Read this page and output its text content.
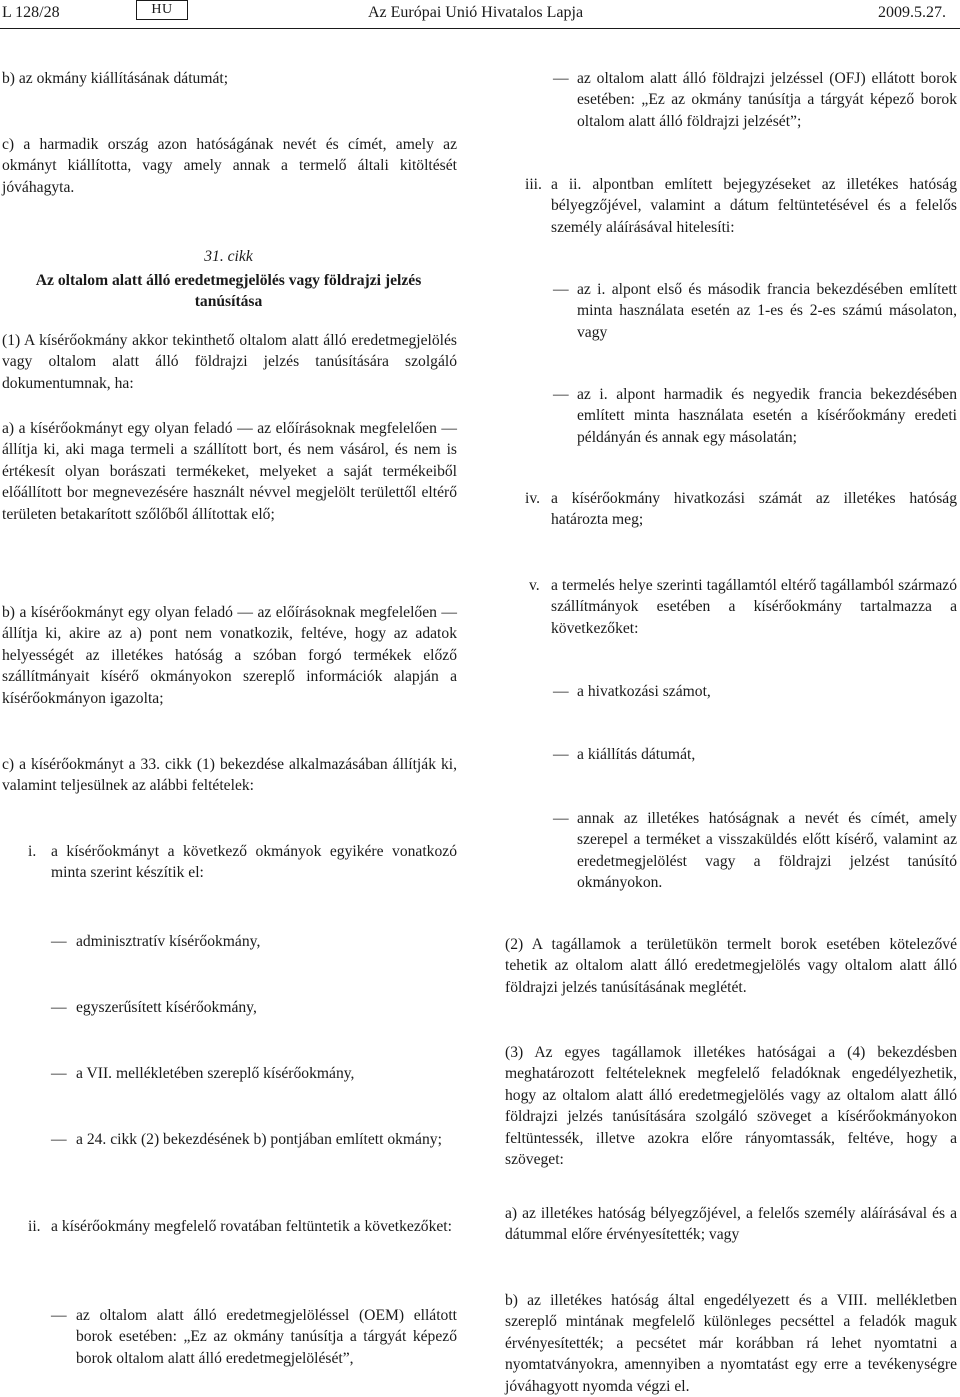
L 128/28	HU	Az Európai Unió Hivatalos Lapja	2009.5.27.
b) az okmány kiállításának dátumát;
c) a harmadik ország azon hatóságának nevét és címét, amely az okmányt kiállította, vagy amely annak a termelő általi kitöltését jóváhagyta.
31. cikk
Az oltalom alatt álló eredetmegjelölés vagy földrajzi jelzés tanúsítása
(1) A kísérőokmány akkor tekinthető oltalom alatt álló eredetmegjelölés vagy oltalom alatt álló földrajzi jelzés tanúsítására szolgáló dokumentumnak, ha:
a) a kísérőokmányt egy olyan feladó — az előírásoknak megfelelően — állítja ki, aki maga termeli a szállított bort, és nem vásárol, és nem is értékesít olyan borászati termékeket, melyeket a saját termékeiből előállított bor megnevezésére használt névvel megjelölt területtől eltérő területen betakarított szőlőből állítottak elő;
b) a kísérőokmányt egy olyan feladó — az előírásoknak megfelelően — állítja ki, akire az a) pont nem vonatkozik, feltéve, hogy az adatok helyességét az illetékes hatóság a szóban forgó termékek előző szállítmányait kísérő okmányokon szereplő információk alapján a kísérőokmányon igazolta;
c) a kísérőokmányt a 33. cikk (1) bekezdése alkalmazásában állítják ki, valamint teljesülnek az alábbi feltételek:
i. a kísérőokmányt a következő okmányok egyikére vonatkozó minta szerint készítik el:
— adminisztratív kísérőokmány,
— egyszerűsített kísérőokmány,
— a VII. mellékletében szereplő kísérőokmány,
— a 24. cikk (2) bekezdésének b) pontjában említett okmány;
ii. a kísérőokmány megfelelő rovatában feltüntetik a következőket:
— az oltalom alatt álló eredetmegjelöléssel (OEM) ellátott borok esetében: „Ez az okmány tanúsítja a tárgyát képező borok oltalom alatt álló eredetmegjelölését”,
— az oltalom alatt álló földrajzi jelzéssel (OFJ) ellátott borok esetében: „Ez az okmány tanúsítja a tárgyát képező borok oltalom alatt álló földrajzi jelzését”;
iii. a ii. alpontban említett bejegyzéseket az illetékes hatóság bélyegzőjével, valamint a dátum feltüntetésével és a felelős személy aláírásával hitelesíti:
— az i. alpont első és második francia bekezdésében említett minta használata esetén az 1-es és 2-es számú másolaton, vagy
— az i. alpont harmadik és negyedik francia bekezdésében említett minta használata esetén a kísérőokmány eredeti példányán és annak egy másolatán;
iv. a kísérőokmány hivatkozási számát az illetékes hatóság határozta meg;
v. a termelés helye szerinti tagállamtól eltérő tagállamból származó szállítmányok esetében a kísérőokmány tartalmazza a következőket:
— a hivatkozási számot,
— a kiállítás dátumát,
— annak az illetékes hatóságnak a nevét és címét, amely szerepel a terméket a visszaküldés előtt kísérő, valamint az eredetmegjelölést vagy a földrajzi jelzést tanúsító okmányokon.
(2) A tagállamok a területükön termelt borok esetében kötelezővé tehetik az oltalom alatt álló eredetmegjelölés vagy oltalom alatt álló földrajzi jelzés tanúsításának meglétét.
(3) Az egyes tagállamok illetékes hatóságai a (4) bekezdésben meghatározott feltételeknek megfelelő feladóknak engedélyezhetik, hogy az oltalom alatt álló eredetmegjelölés vagy az oltalom alatt álló földrajzi jelzés tanúsítására szolgáló szöveget a kísérőokmányokon feltüntessék, illetve azokra előre rányomtassák, feltéve, hogy a szöveget:
a) az illetékes hatóság bélyegzőjével, a felelős személy aláírásával és a dátummal előre érvényesítették; vagy
b) az illetékes hatóság által engedélyezett és a VIII. mellékletben szereplő mintának megfelelő különleges pecséttel a feladók maguk érvényesítették; a pecsétet már korábban rá lehet nyomtatni a nyomtatványokra, amennyiben a nyomtatást egy erre a tevékenységre jóváhagyott nyomda végzi el.
